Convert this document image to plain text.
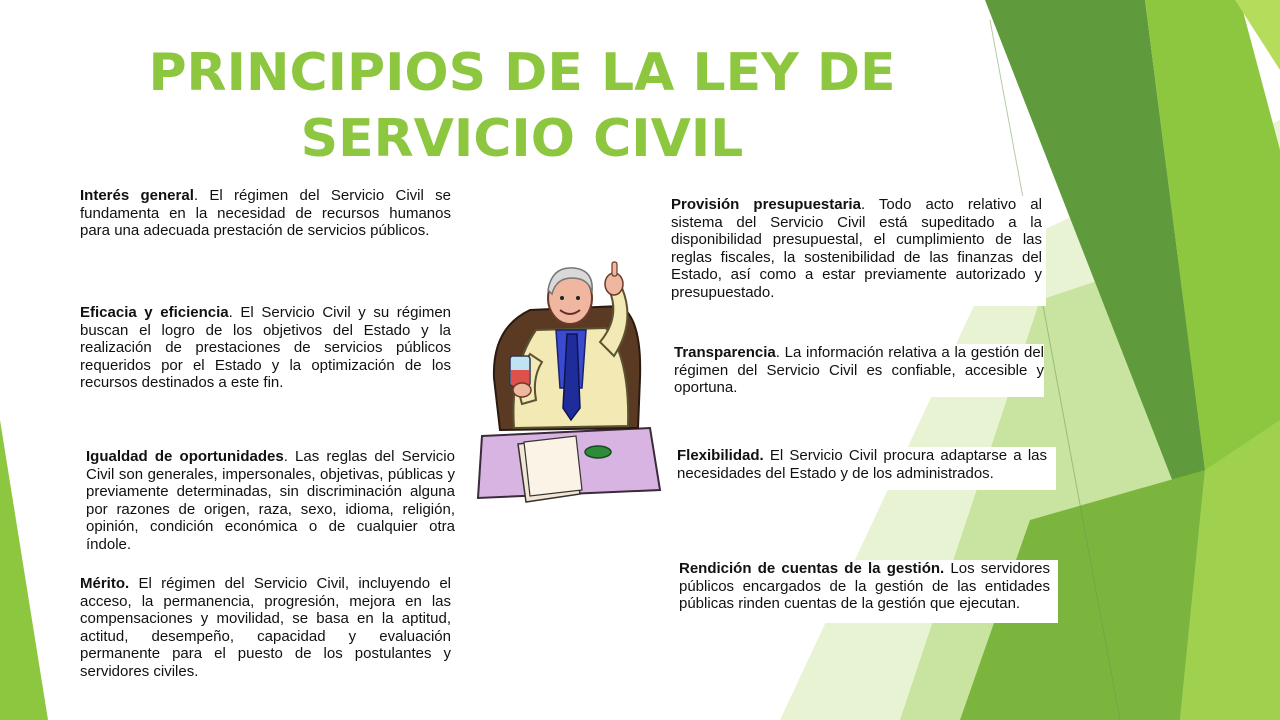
PRINCIPIOS DE LA LEY DE SERVICIO CIVIL

Interés general. El régimen del Servicio Civil se fundamenta en la necesidad de recursos humanos para una adecuada prestación de servicios públicos.

Eficacia y eficiencia. El Servicio Civil y su régimen buscan el logro de los objetivos del Estado y la realización de prestaciones de servicios públicos requeridos por el Estado y la optimización de los recursos destinados a este fin.

Igualdad de oportunidades. Las reglas del Servicio Civil son generales, impersonales, objetivas, públicas y previamente determinadas, sin discriminación alguna por razones de origen, raza, sexo, idioma, religión, opinión, condición económica o de cualquier otra índole.

Mérito. El régimen del Servicio Civil, incluyendo el acceso, la permanencia, progresión, mejora en las compensaciones y movilidad, se basa en la aptitud, actitud, desempeño, capacidad y evaluación permanente para el puesto de los postulantes y servidores civiles.

Provisión presupuestaria. Todo acto relativo al sistema del Servicio Civil está supeditado a la disponibilidad presupuestal, el cumplimiento de las reglas fiscales, la sostenibilidad de las finanzas del Estado, así como a estar previamente autorizado y presupuestado.

Transparencia. La información relativa a la gestión del régimen del Servicio Civil es confiable, accesible y oportuna.

Flexibilidad. El Servicio Civil procura adaptarse a las necesidades del Estado y de los administrados.

Rendición de cuentas de la gestión. Los servidores públicos encargados de la gestión de las entidades públicas rinden cuentas de la gestión que ejecutan.
